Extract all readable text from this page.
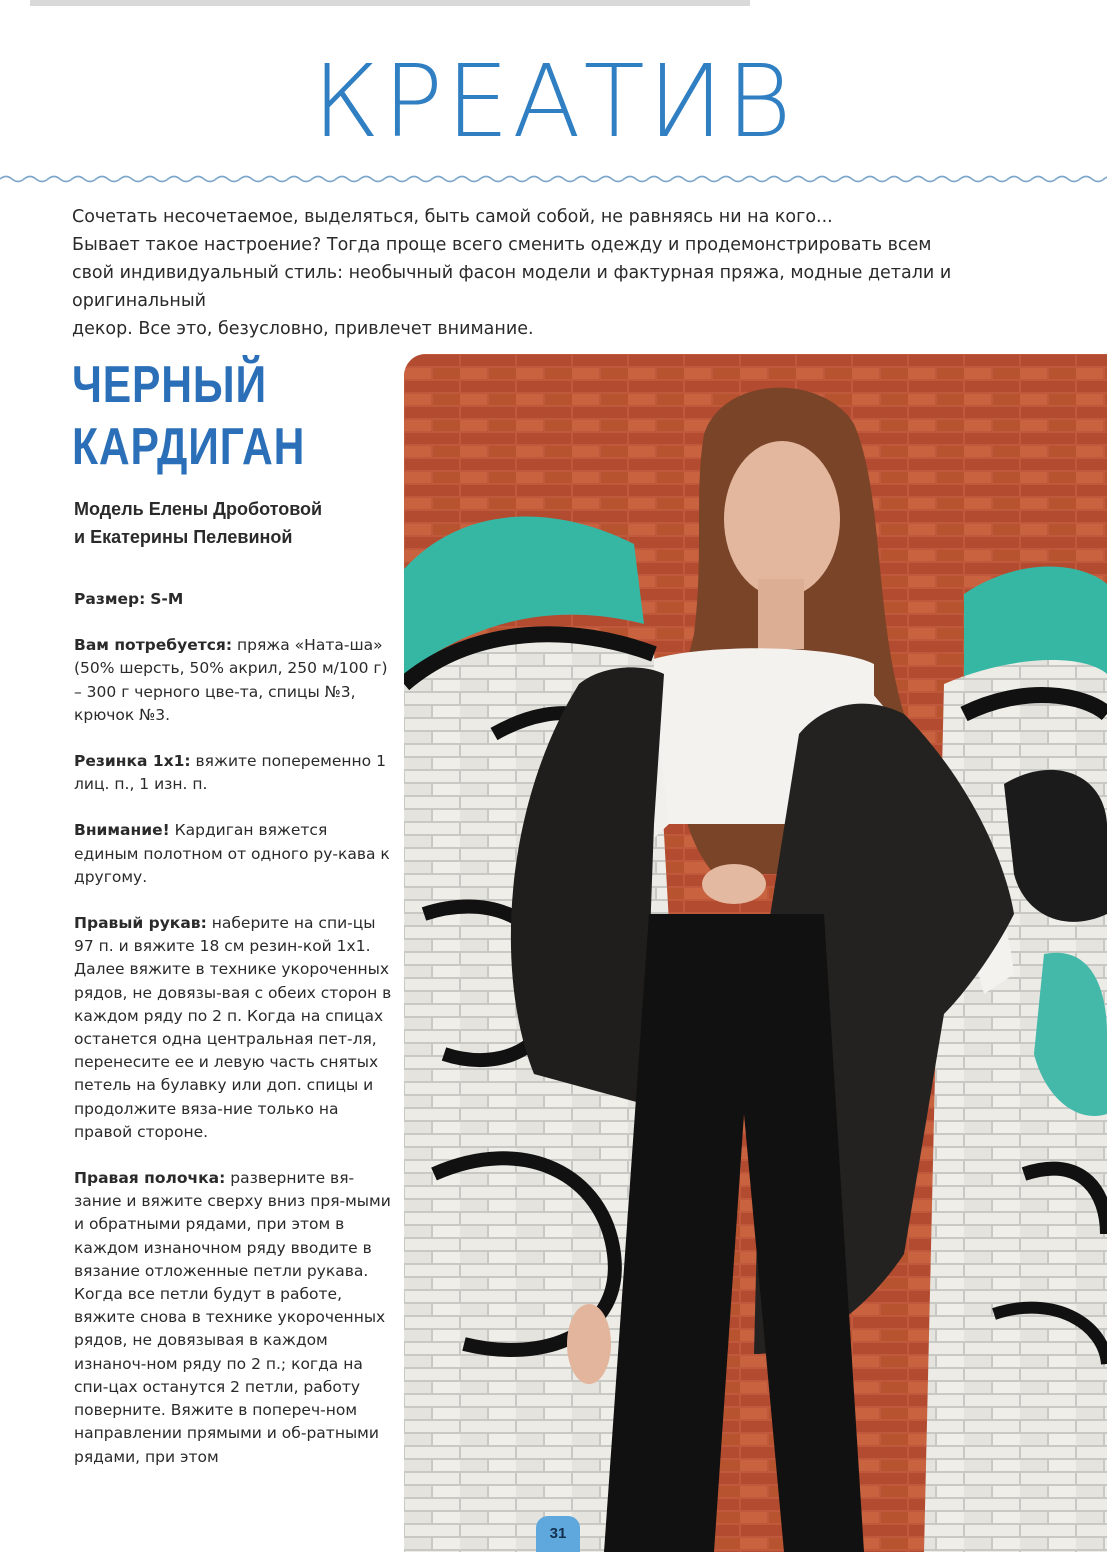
КРЕАТИВ
Сочетать несочетаемое, выделяться, быть самой собой, не равняясь ни на кого...
Бывает такое настроение? Тогда проще всего сменить одежду и продемонстрировать всем
свой индивидуальный стиль: необычный фасон модели и фактурная пряжа, модные детали и оригинальный
декор. Все это, безусловно, привлечет внимание.
ЧЕРНЫЙ
КАРДИГАН
Модель Елены Дроботовой
и Екатерины Пелевиной

Размер: S-M

Вам потребуется: пряжа «Ната-ша» (50% шерсть, 50% акрил, 250 м/100 г) – 300 г черного цве-та, спицы №3, крючок №3.

Резинка 1x1: вяжите попеременно 1 лиц. п., 1 изн. п.

Внимание! Кардиган вяжется единым полотном от одного ру-кава к другому.

Правый рукав: наберите на спи-цы 97 п. и вяжите 18 см резин-кой 1x1. Далее вяжите в технике укороченных рядов, не довязы-вая с обеих сторон в каждом ряду по 2 п. Когда на спицах останется одна центральная пет-ля, перенесите ее и левую часть снятых петель на булавку или доп. спицы и продолжите вяза-ние только на правой стороне.

Правая полочка: разверните вя-зание и вяжите сверху вниз пря-мыми и обратными рядами, при этом в каждом изнаночном ряду вводите в вязание отложенные петли рукава. Когда все петли будут в работе, вяжите снова в технике укороченных рядов, не довязывая в каждом изнаноч-ном ряду по 2 п.; когда на спи-цах останутся 2 петли, работу поверните. Вяжите в попереч-ном направлении прямыми и об-ратными рядами, при этом

31
